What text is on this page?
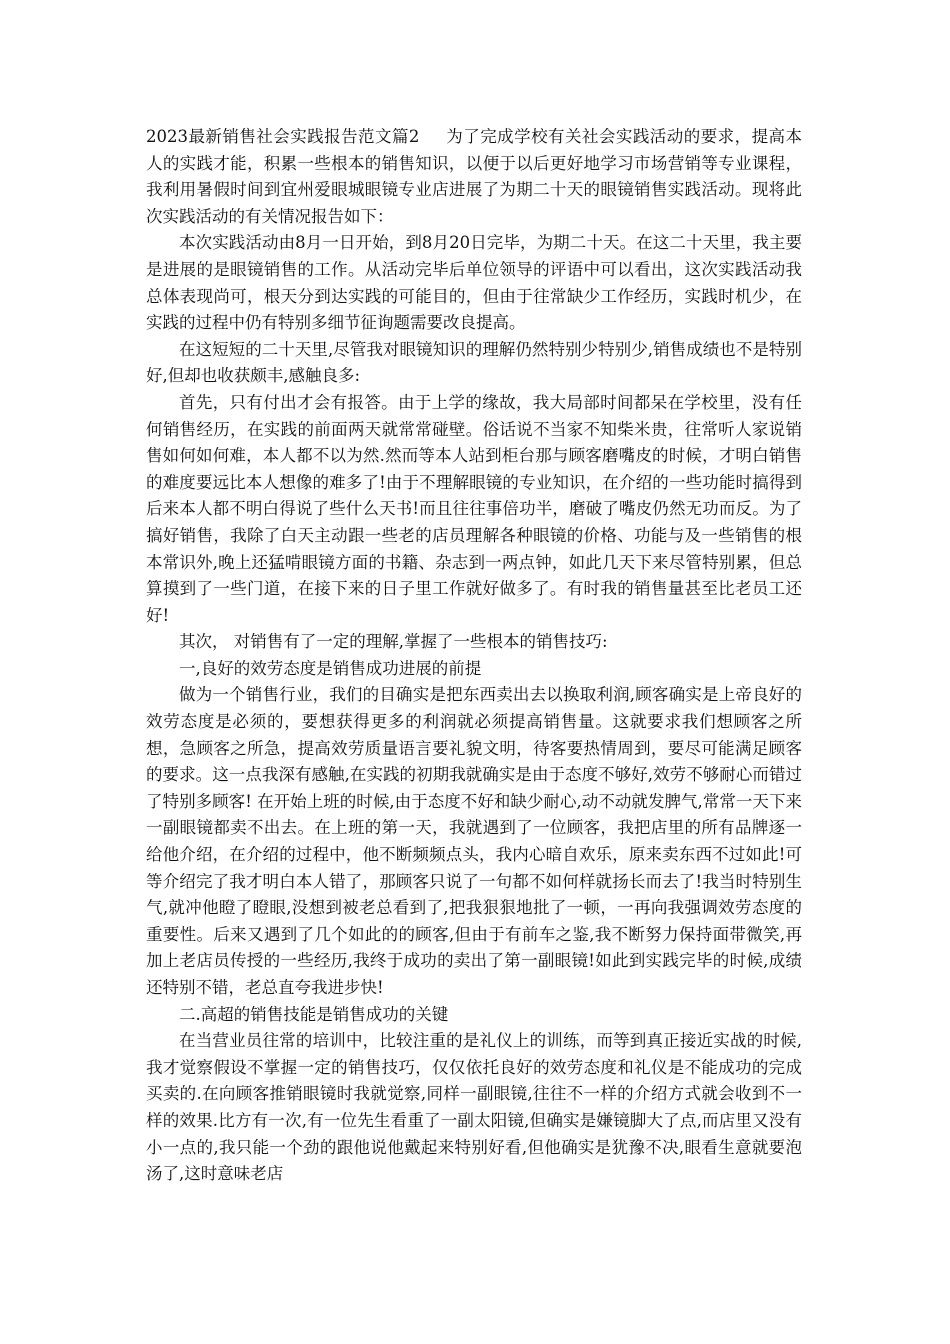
2023最新销售社会实践报告范文篇2 为了完成学校有关社会实践活动的要求，提高本人的实践才能，积累一些根本的销售知识，以便于以后更好地学习市场营销等专业课程，我利用暑假时间到宜州爱眼城眼镜专业店进展了为期二十天的眼镜销售实践活动。现将此次实践活动的有关情况报告如下：

本次实践活动由8月一日开始，到8月20日完毕，为期二十天。在这二十天里，我主要是进展的是眼镜销售的工作。从活动完毕后单位领导的评语中可以看出，这次实践活动我总体表现尚可，根天分到达实践的可能目的，但由于往常缺少工作经历，实践时机少，在实践的过程中仍有特别多细节征询题需要改良提高。

在这短短的二十天里,尽管我对眼镜知识的理解仍然特别少特别少,销售成绩也不是特别好,但却也收获颇丰,感触良多:

首先，只有付出才会有报答。由于上学的缘故，我大局部时间都呆在学校里，没有任何销售经历，在实践的前面两天就常常碰壁。俗话说不当家不知柴米贵，往常听人家说销售如何如何难，本人都不以为然.然而等本人站到柜台那与顾客磨嘴皮的时候，才明白销售的难度要远比本人想像的难多了!由于不理解眼镜的专业知识，在介绍的一些功能时搞得到后来本人都不明白得说了些什么天书!而且往往事倍功半，磨破了嘴皮仍然无功而反。为了搞好销售，我除了白天主动跟一些老的店员理解各种眼镜的价格、功能与及一些销售的根本常识外,晚上还猛啃眼镜方面的书籍、杂志到一两点钟，如此几天下来尽管特别累，但总算摸到了一些门道，在接下来的日子里工作就好做多了。有时我的销售量甚至比老员工还好!

其次， 对销售有了一定的理解,掌握了一些根本的销售技巧:

一,良好的效劳态度是销售成功进展的前提

做为一个销售行业，我们的目确实是把东西卖出去以换取利润,顾客确实是上帝良好的效劳态度是必须的，要想获得更多的利润就必须提高销售量。这就要求我们想顾客之所想，急顾客之所急，提高效劳质量语言要礼貌文明，待客要热情周到，要尽可能满足顾客的要求。这一点我深有感触,在实践的初期我就确实是由于态度不够好,效劳不够耐心而错过了特别多顾客! 在开始上班的时候,由于态度不好和缺少耐心,动不动就发脾气,常常一天下来一副眼镜都卖不出去。在上班的第一天，我就遇到了一位顾客，我把店里的所有品牌逐一给他介绍，在介绍的过程中，他不断频频点头，我内心暗自欢乐，原来卖东西不过如此!可等介绍完了我才明白本人错了，那顾客只说了一句都不如何样就扬长而去了!我当时特别生气,就冲他瞪了瞪眼,没想到被老总看到了,把我狠狠地批了一顿，一再向我强调效劳态度的重要性。后来又遇到了几个如此的的顾客,但由于有前车之鉴,我不断努力保持面带微笑,再加上老店员传授的一些经历,我终于成功的卖出了第一副眼镜!如此到实践完毕的时候,成绩还特别不错，老总直夸我进步快!

二.高超的销售技能是销售成功的关键

在当营业员往常的培训中，比较注重的是礼仪上的训练，而等到真正接近实战的时候,我才觉察假设不掌握一定的销售技巧，仅仅依托良好的效劳态度和礼仪是不能成功的完成买卖的.在向顾客推销眼镜时我就觉察,同样一副眼镜,往往不一样的介绍方式就会收到不一样的效果.比方有一次,有一位先生看重了一副太阳镜,但确实是嫌镜脚大了点,而店里又没有小一点的,我只能一个劲的跟他说他戴起来特别好看,但他确实是犹豫不决,眼看生意就要泡汤了,这时意味老店
